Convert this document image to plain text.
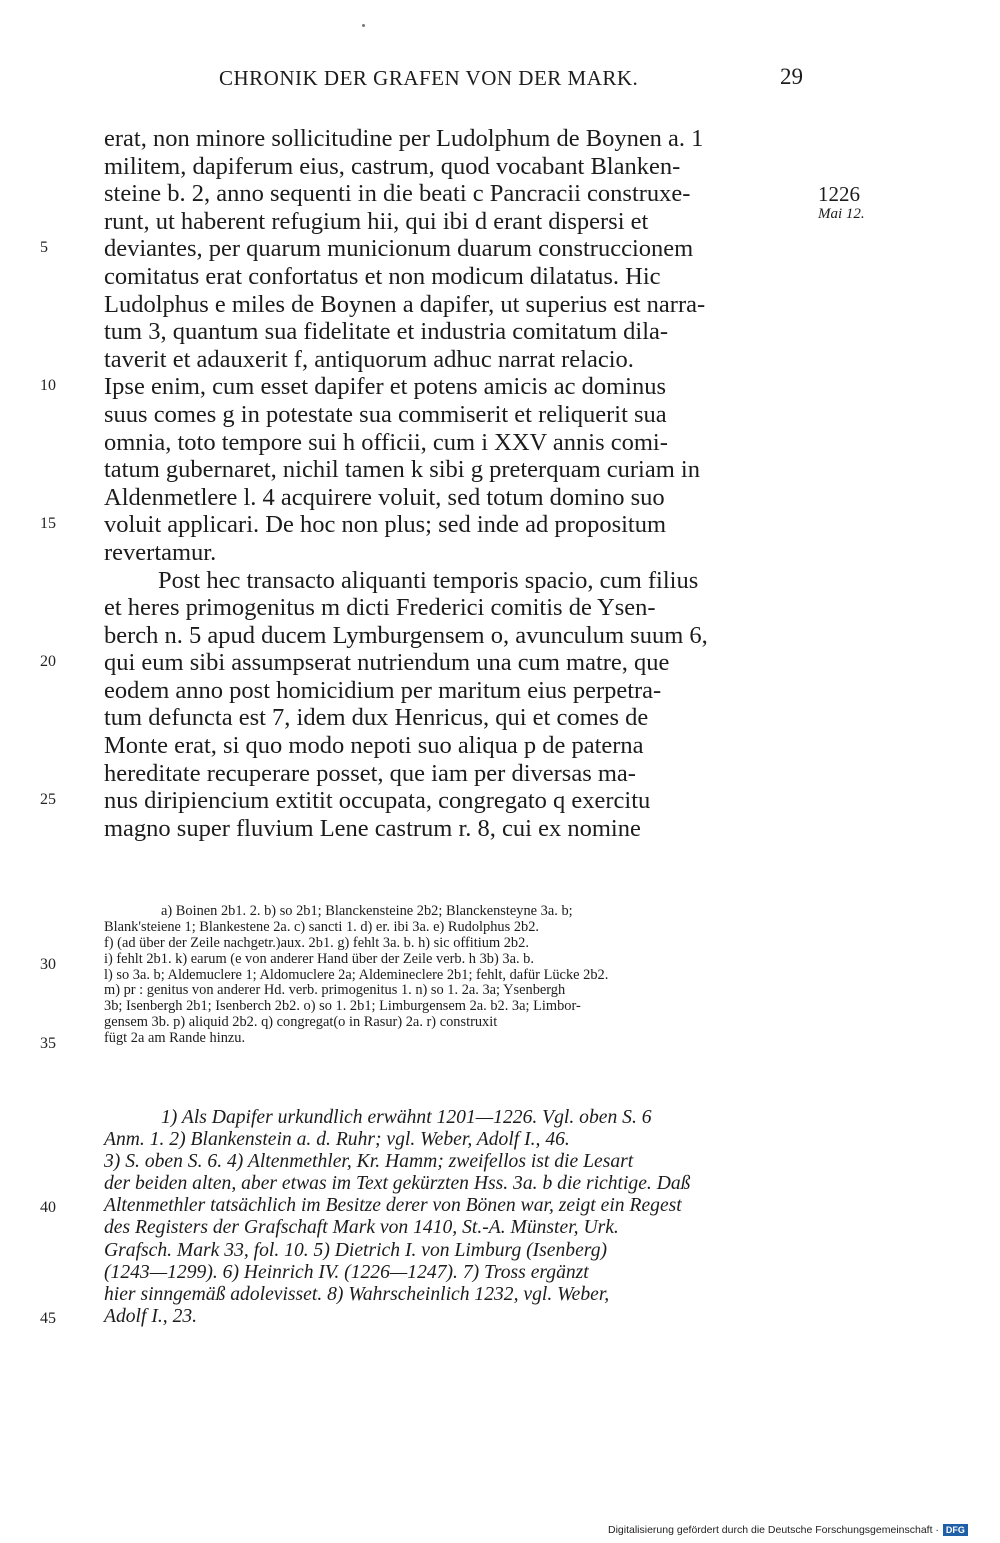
CHRONIK DER GRAFEN VON DER MARK.	29
1226
Mai 12.
erat, non minore sollicitudine per Ludolphum de Boynen a. 1
militem, dapiferum eius, castrum, quod vocabant Blanken-
steine b. 2, anno sequenti in die beati c Pancracii construxe-
runt, ut haberent refugium hii, qui ibi d erant dispersi et
deviantes, per quarum municionum duarum construccionem
comitatus erat confortatus et non modicum dilatatus. Hic
Ludolphus e miles de Boynen a dapifer, ut superius est narra-
tum 3, quantum sua fidelitate et industria comitatum dila-
taverit et adauxerit f, antiquorum adhuc narrat relacio.
Ipse enim, cum esset dapifer et potens amicis ac dominus
suus comes g in potestate sua commiserit et reliquerit sua
omnia, toto tempore sui h officii, cum i XXV annis comi-
tatum gubernaret, nichil tamen k sibi g preterquam curiam in
Aldenmetlere l. 4 acquirere voluit, sed totum domino suo
voluit applicari. De hoc non plus; sed inde ad propositum
revertamur.
Post hec transacto aliquanti temporis spacio, cum filius
et heres primogenitus m dicti Frederici comitis de Ysen-
berch n. 5 apud ducem Lymburgensem o, avunculum suum 6,
qui eum sibi assumpserat nutriendum una cum matre, que
eodem anno post homicidium per maritum eius perpetra-
tum defuncta est 7, idem dux Henricus, qui et comes de
Monte erat, si quo modo nepoti suo aliqua p de paterna
hereditate recuperare posset, que iam per diversas ma-
nus diripiencium extitit occupata, congregato q exercitu
magno super fluvium Lene castrum r. 8, cui ex nomine
5
10
15
20
25
a) Boinen 2b1. 2. b) so 2b1; Blanckensteine 2b2; Blanckensteyne 3a. b;
Blank'steiene 1; Blankestene 2a. c) sancti 1. d) er. ibi 3a. e) Rudolphus 2b2.
f) (ad über der Zeile nachgetr.)aux. 2b1. g) fehlt 3a. b. h) sic offitium 2b2.
i) fehlt 2b1. k) earum (e von anderer Hand über der Zeile verb. h 3b) 3a. b.
l) so 3a. b; Aldemuclere 1; Aldomuclere 2a; Aldemineclere 2b1; fehlt, dafür Lücke 2b2.
m) pr : genitus von anderer Hd. verb. primogenitus 1. n) so 1. 2a. 3a; Ysenbergh
3b; Isenbergh 2b1; Isenberch 2b2. o) so 1. 2b1; Limburgensem 2a. b2. 3a; Limbor-
gensem 3b. p) aliquid 2b2. q) congregat(o in Rasur) 2a. r) construxit
fügt 2a am Rande hinzu.
30
35
1) Als Dapifer urkundlich erwähnt 1201—1226. Vgl. oben S. 6
Anm. 1. 2) Blankenstein a. d. Ruhr; vgl. Weber, Adolf I., 46.
3) S. oben S. 6. 4) Altenmethler, Kr. Hamm; zweifellos ist die Lesart
der beiden alten, aber etwas im Text gekürzten Hss. 3a. b die richtige. Daß
Altenmethler tatsächlich im Besitze derer von Bönen war, zeigt ein Regest
des Registers der Grafschaft Mark von 1410, St.-A. Münster, Urk.
Grafsch. Mark 33, fol. 10. 5) Dietrich I. von Limburg (Isenberg)
(1243—1299). 6) Heinrich IV. (1226—1247). 7) Tross ergänzt
hier sinngemäß adolevisset. 8) Wahrscheinlich 1232, vgl. Weber,
Adolf I., 23.
40
45
Digitalisierung gefördert durch die Deutsche Forschungsgemeinschaft · DFG
